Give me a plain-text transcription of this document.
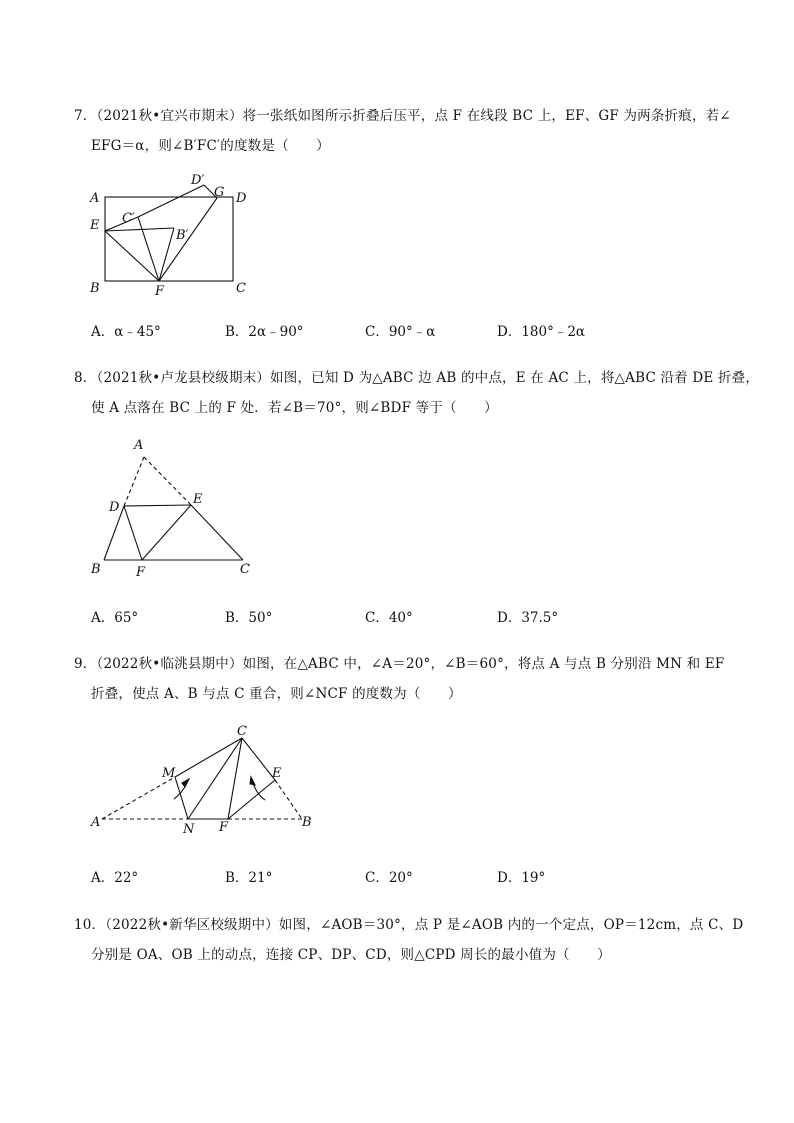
7．（2021秋•宜兴市期末）将一张纸如图所示折叠后压平，点 F 在线段 BC 上，EF、GF 为两条折痕，若∠
EFG＝α，则∠B′FC′的度数是（　　）
A
D′
G D
E C′
B′
B	F	C
A．α﹣45°	B．2α﹣90°	C．90°﹣α	D．180°﹣2α
8．（2021秋•卢龙县校级期末）如图，已知 D 为△ABC 边 AB 的中点，E 在 AC 上，将△ABC 沿着 DE 折叠，
使 A 点落在 BC 上的 F 处．若∠B＝70°，则∠BDF 等于（　　）
A
D
E
B	F	C
A．65°	B．50°	C．40°	D．37.5°
9．（2022秋•临洮县期中）如图，在△ABC 中，∠A＝20°，∠B＝60°，将点 A 与点 B 分别沿 MN 和 EF
折叠，使点 A、B 与点 C 重合，则∠NCF 的度数为（　　）
C
M	E
A	N F	B
A．22°	B．21°	C．20°	D．19°
10．（2022秋•新华区校级期中）如图，∠AOB＝30°，点 P 是∠AOB 内的一个定点，OP＝12cm，点 C、D
分别是 OA、OB 上的动点，连接 CP、DP、CD，则△CPD 周长的最小值为（　　）
